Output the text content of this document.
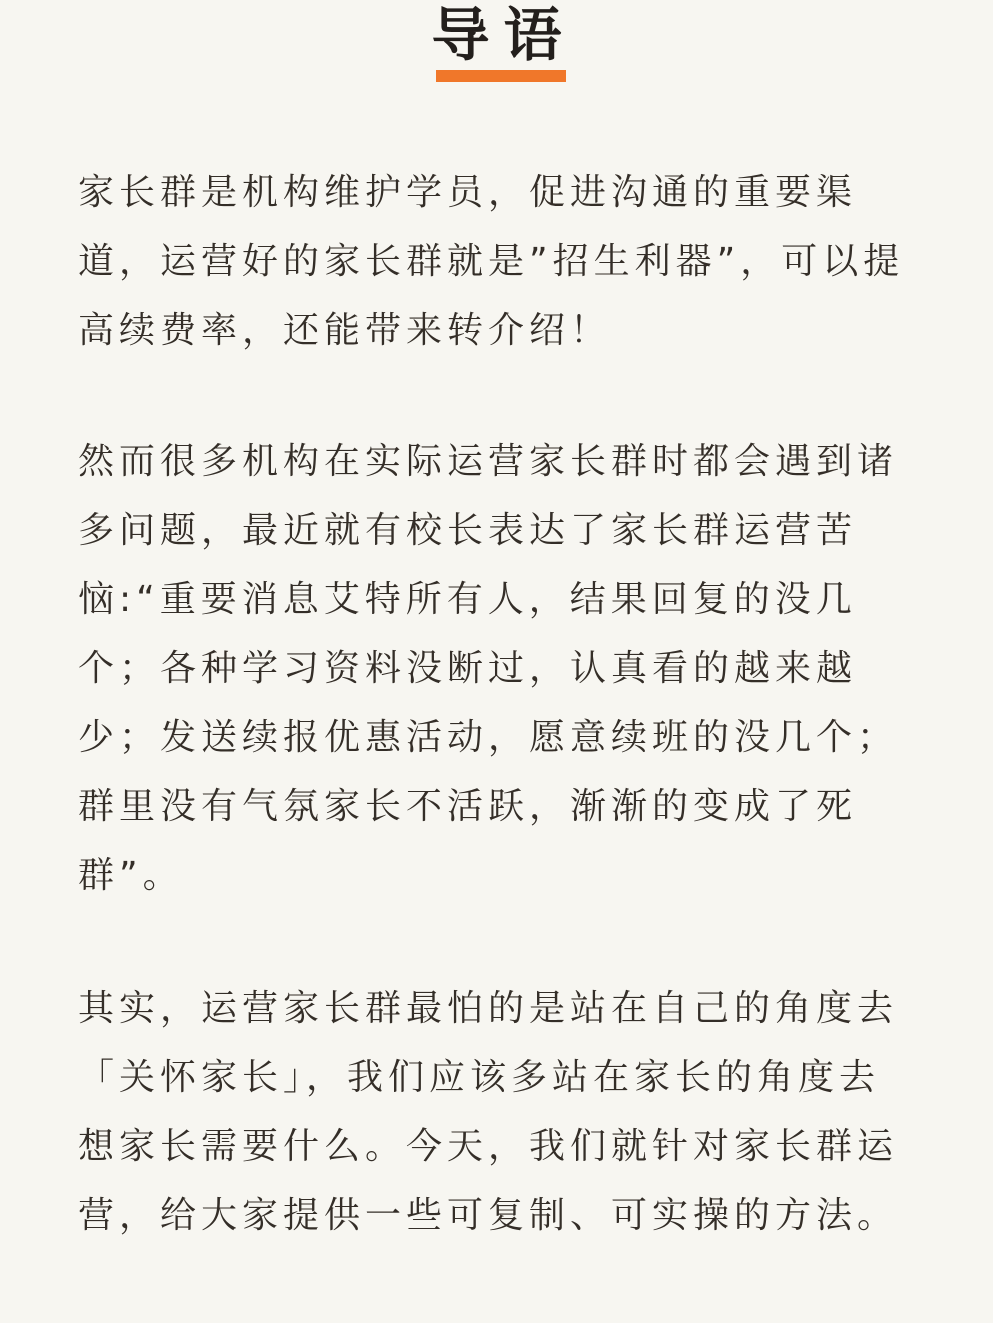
导语

家长群是机构维护学员，促进沟通的重要渠道，运营好的家长群就是”招生利器”，可以提高续费率，还能带来转介绍！

然而很多机构在实际运营家长群时都会遇到诸多问题，最近就有校长表达了家长群运营苦恼:“重要消息艾特所有人，结果回复的没几个；各种学习资料没断过，认真看的越来越少；发送续报优惠活动，愿意续班的没几个；群里没有气氛家长不活跃，渐渐的变成了死群”。

其实，运营家长群最怕的是站在自己的角度去「关怀家长」，我们应该多站在家长的角度去想家长需要什么。今天，我们就针对家长群运营，给大家提供一些可复制、可实操的方法。
